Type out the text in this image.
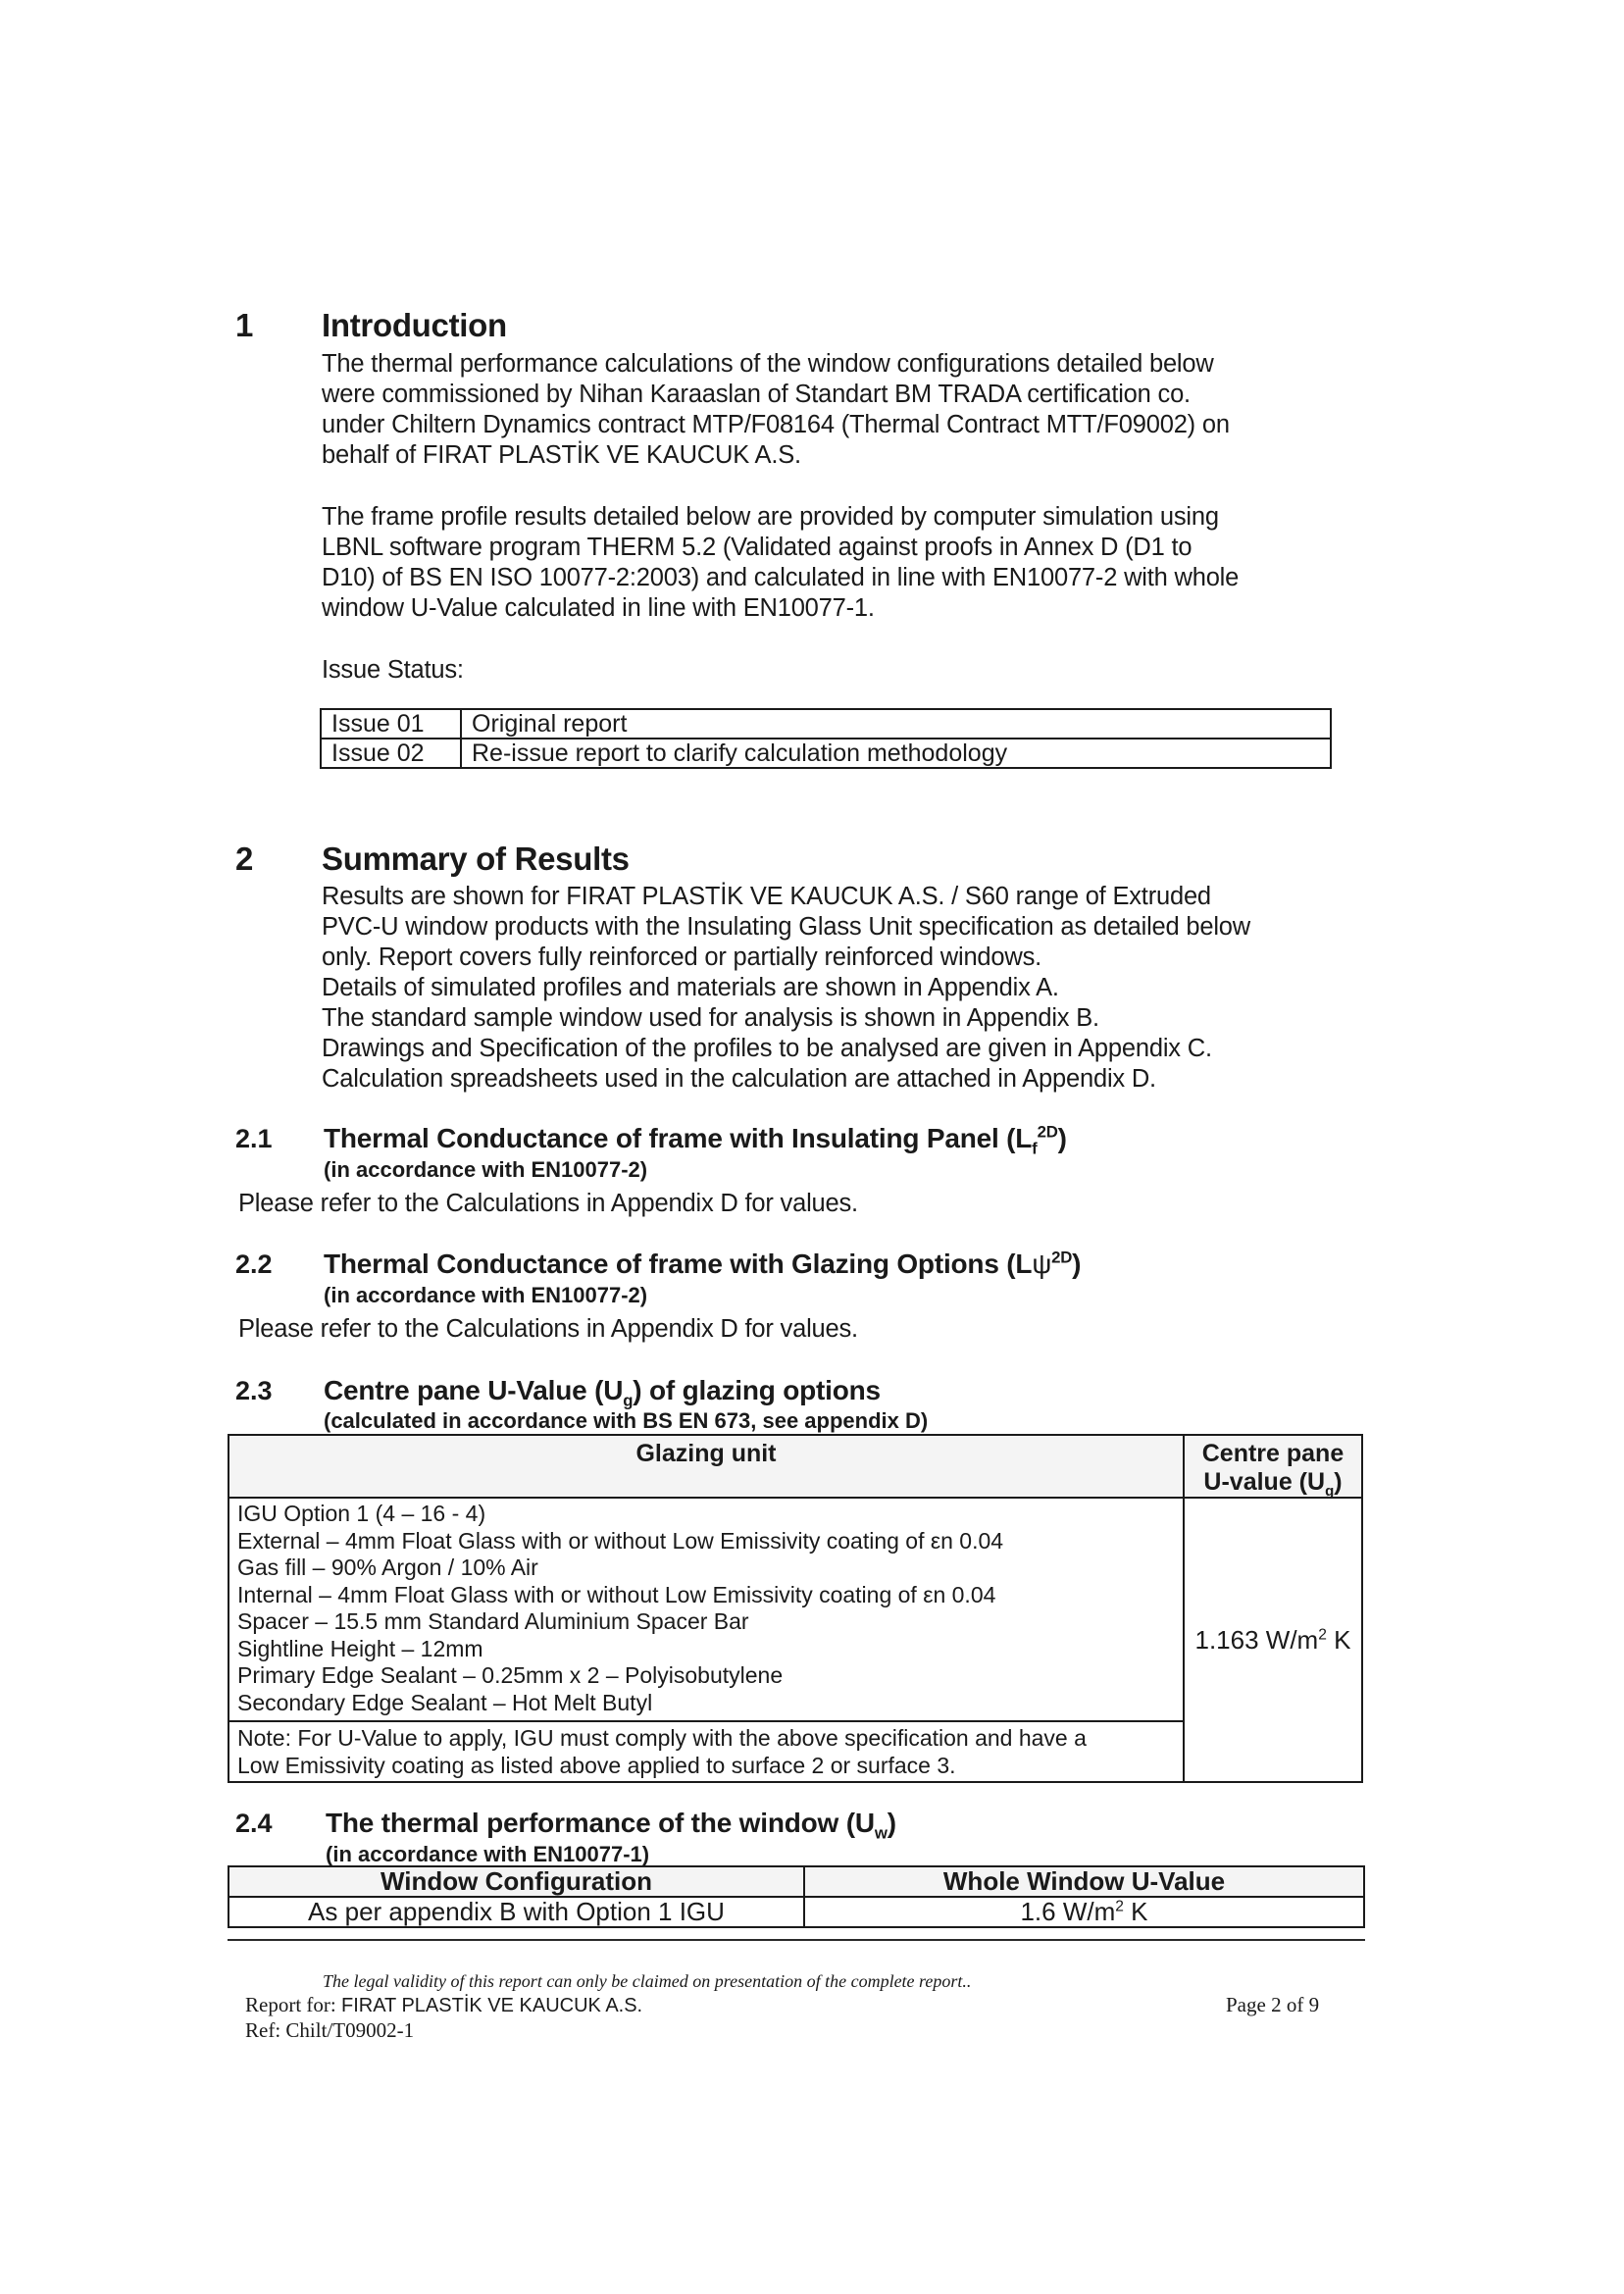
1 Introduction
The thermal performance calculations of the window configurations detailed below
were commissioned by Nihan Karaaslan of Standart BM TRADA certification co.
under Chiltern Dynamics contract MTP/F08164 (Thermal Contract MTT/F09002) on
behalf of FIRAT PLASTİK VE KAUCUK A.S.
The frame profile results detailed below are provided by computer simulation using
LBNL software program THERM 5.2 (Validated against proofs in Annex D (D1 to
D10) of BS EN ISO 10077-2:2003) and calculated in line with EN10077-2 with whole
window U-Value calculated in line with EN10077-1.
Issue Status:
Issue 01	Original report
Issue 02	Re-issue report to clarify calculation methodology
2 Summary of Results
Results are shown for FIRAT PLASTİK VE KAUCUK A.S. / S60 range of Extruded
PVC-U window products with the Insulating Glass Unit specification as detailed below
only. Report covers fully reinforced or partially reinforced windows.
Details of simulated profiles and materials are shown in Appendix A.
The standard sample window used for analysis is shown in Appendix B.
Drawings and Specification of the profiles to be analysed are given in Appendix C.
Calculation spreadsheets used in the calculation are attached in Appendix D.
2.1 Thermal Conductance of frame with Insulating Panel $(L_f^{2D})$
(in accordance with EN10077-2)
Please refer to the Calculations in Appendix D for values.
2.2 Thermal Conductance of frame with Glazing Options $(L\psi^{2D})$
(in accordance with EN10077-2)
Please refer to the Calculations in Appendix D for values.
2.3 Centre pane U-Value $(U_g)$ of glazing options
(calculated in accordance with BS EN 673, see appendix D)
Glazing unit	Centre pane
U-value $(U_g)$

IGU Option 1 (4 – 16 - 4)
External – 4mm Float Glass with or without Low Emissivity coating of εn 0.04
Gas fill – 90% Argon / 10% Air
Internal – 4mm Float Glass with or without Low Emissivity coating of εn 0.04
Spacer – 15.5 mm Standard Aluminium Spacer Bar
Sightline Height – 12mm
Primary Edge Sealant – 0.25mm x 2 – Polyisobutylene
Secondary Edge Sealant – Hot Melt Butyl
	1.163 $W/m^2$ K

Note: For U-Value to apply, IGU must comply with the above specification and have a
Low Emissivity coating as listed above applied to surface 2 or surface 3.	
2.4 The thermal performance of the window $(U_w)$
(in accordance with EN10077-1)
Window Configuration	Whole Window U-Value
As per appendix B with Option 1 IGU	1.6 $W/m^2$ K
The legal validity of this report can only be claimed on presentation of the complete report..
Report for: FIRAT PLASTİK VE KAUCUK A.S.
Ref: Chilt/T09002-1
Page 2 of 9
